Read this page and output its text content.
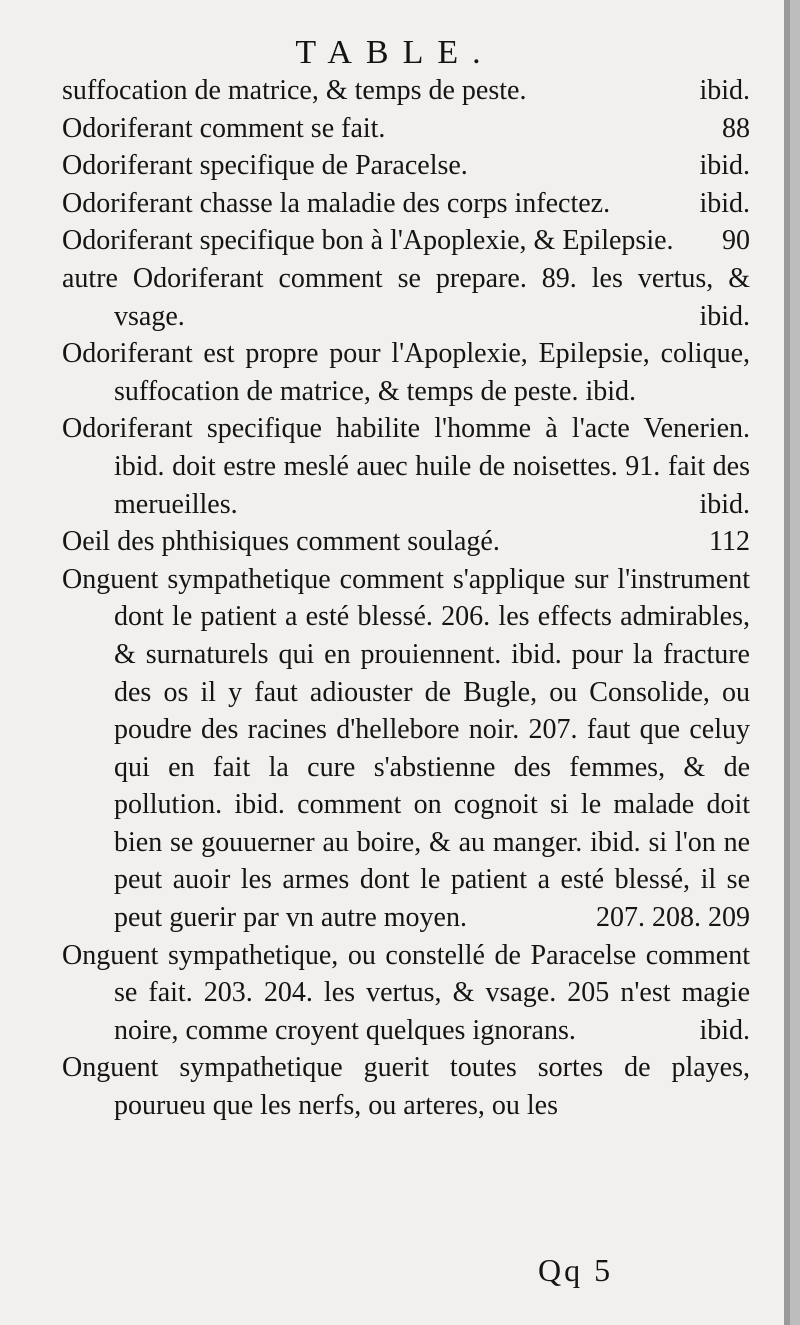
TABLE.
suffocation de matrice, & temps de peste.	ibid.
Odoriferant comment se fait.	88
Odoriferant specifique de Paracelse.	ibid.
Odoriferant chasse la maladie des corps infectez.	ibid.
Odoriferant specifique bon à l'Apoplexie, & Epilepsie. 90
autre Odoriferant comment se prepare. 89. les vertus, & vsage.	ibid.
Odoriferant est propre pour l'Apoplexie, Epilepsie, colique, suffocation de matrice, & temps de peste. ibid.
Odoriferant specifique habilite l'homme à l'acte Venerien. ibid. doit estre meslé auec huile de noisettes. 91. fait des merueilles.	ibid.
Oeil des phthisiques comment soulagé.	112
Onguent sympathetique comment s'applique sur l'instrument dont le patient a esté blessé. 206. les effects admirables, & surnaturels qui en prouiennent. ibid. pour la fracture des os il y faut adiouster de Bugle, ou Consolide, ou poudre des racines d'hellebore noir. 207. faut que celuy qui en fait la cure s'abstienne des femmes, & de pollution. ibid. comment on cognoit si le malade doit bien se gouuerner au boire, & au manger. ibid. si l'on ne peut auoir les armes dont le patient a esté blessé, il se peut guerir par vn autre moyen.	207. 208. 209
Onguent sympathetique, ou constellé de Paracelse comment se fait. 203. 204. les vertus, & vsage. 205 n'est magie noire, comme croyent quelques ignorans.	ibid.
Onguent sympathetique guerit toutes sortes de playes, pourueu que les nerfs, ou arteres, ou les
Qq 5
